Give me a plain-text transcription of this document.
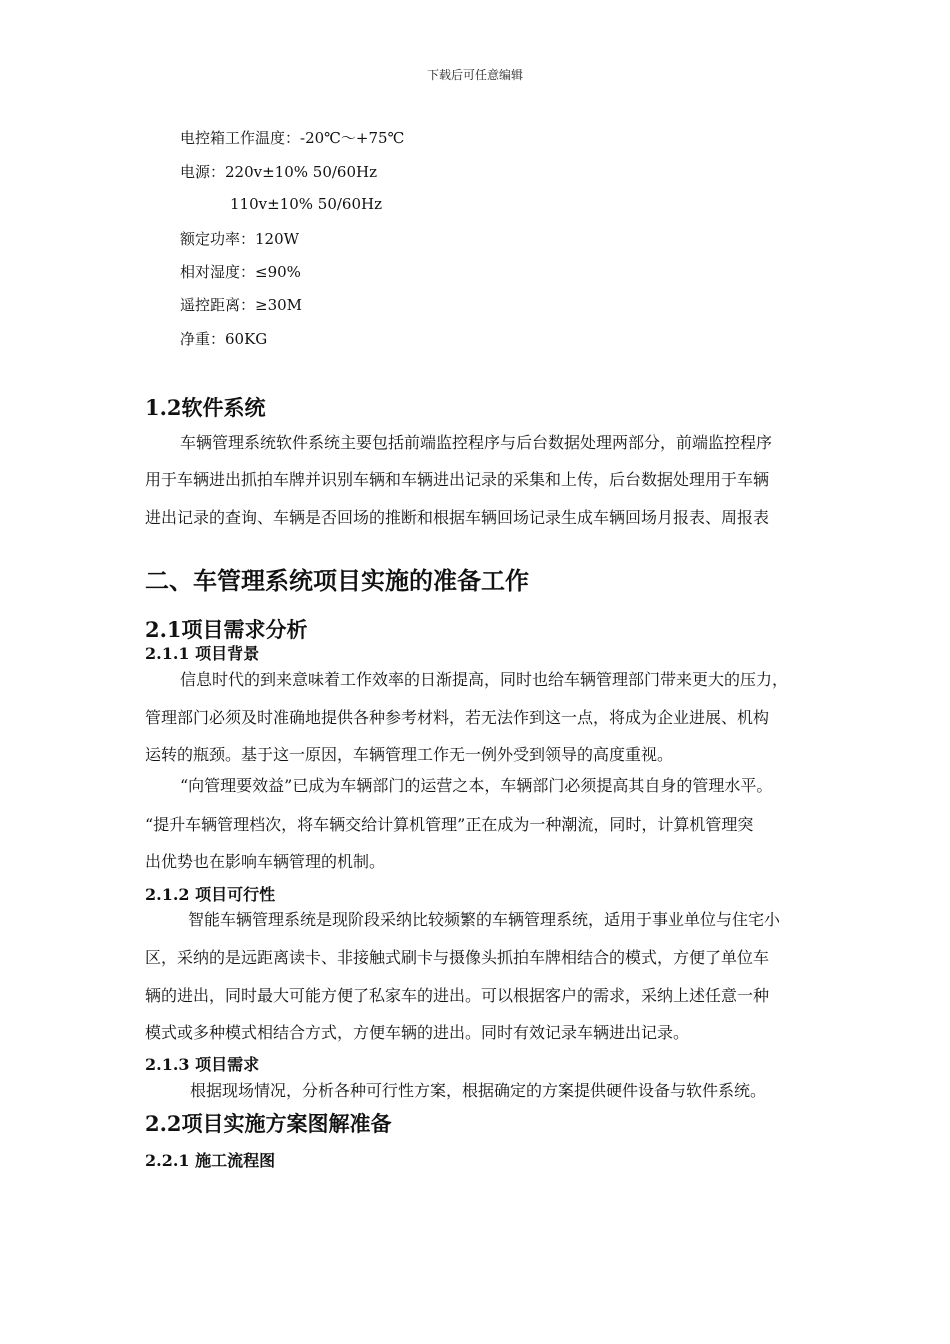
下载后可任意编辑
电控箱工作温度：-20℃～+75℃
电源：220v±10% 50/60Hz
110v±10% 50/60Hz
额定功率：120W
相对湿度：≤90%
遥控距离：≥30M
净重：60KG
1.2软件系统
车辆管理系统软件系统主要包括前端监控程序与后台数据处理两部分，前端监控程序
用于车辆进出抓拍车牌并识别车辆和车辆进出记录的采集和上传，后台数据处理用于车辆
进出记录的查询、车辆是否回场的推断和根据车辆回场记录生成车辆回场月报表、周报表
二、车管理系统项目实施的准备工作
2.1项目需求分析
2.1.1 项目背景
信息时代的到来意味着工作效率的日渐提高，同时也给车辆管理部门带来更大的压力，
管理部门必须及时准确地提供各种参考材料，若无法作到这一点，将成为企业进展、机构
运转的瓶颈。基于这一原因，车辆管理工作无一例外受到领导的高度重视。
“向管理要效益”已成为车辆部门的运营之本，车辆部门必须提高其自身的管理水平。
“提升车辆管理档次，将车辆交给计算机管理”正在成为一种潮流，同时，计算机管理突
出优势也在影响车辆管理的机制。
2.1.2 项目可行性
智能车辆管理系统是现阶段采纳比较频繁的车辆管理系统，适用于事业单位与住宅小
区，采纳的是远距离读卡、非接触式刷卡与摄像头抓拍车牌相结合的模式，方便了单位车
辆的进出，同时最大可能方便了私家车的进出。可以根据客户的需求，采纳上述任意一种
模式或多种模式相结合方式，方便车辆的进出。同时有效记录车辆进出记录。
2.1.3 项目需求
根据现场情况，分析各种可行性方案，根据确定的方案提供硬件设备与软件系统。
2.2项目实施方案图解准备
2.2.1 施工流程图
